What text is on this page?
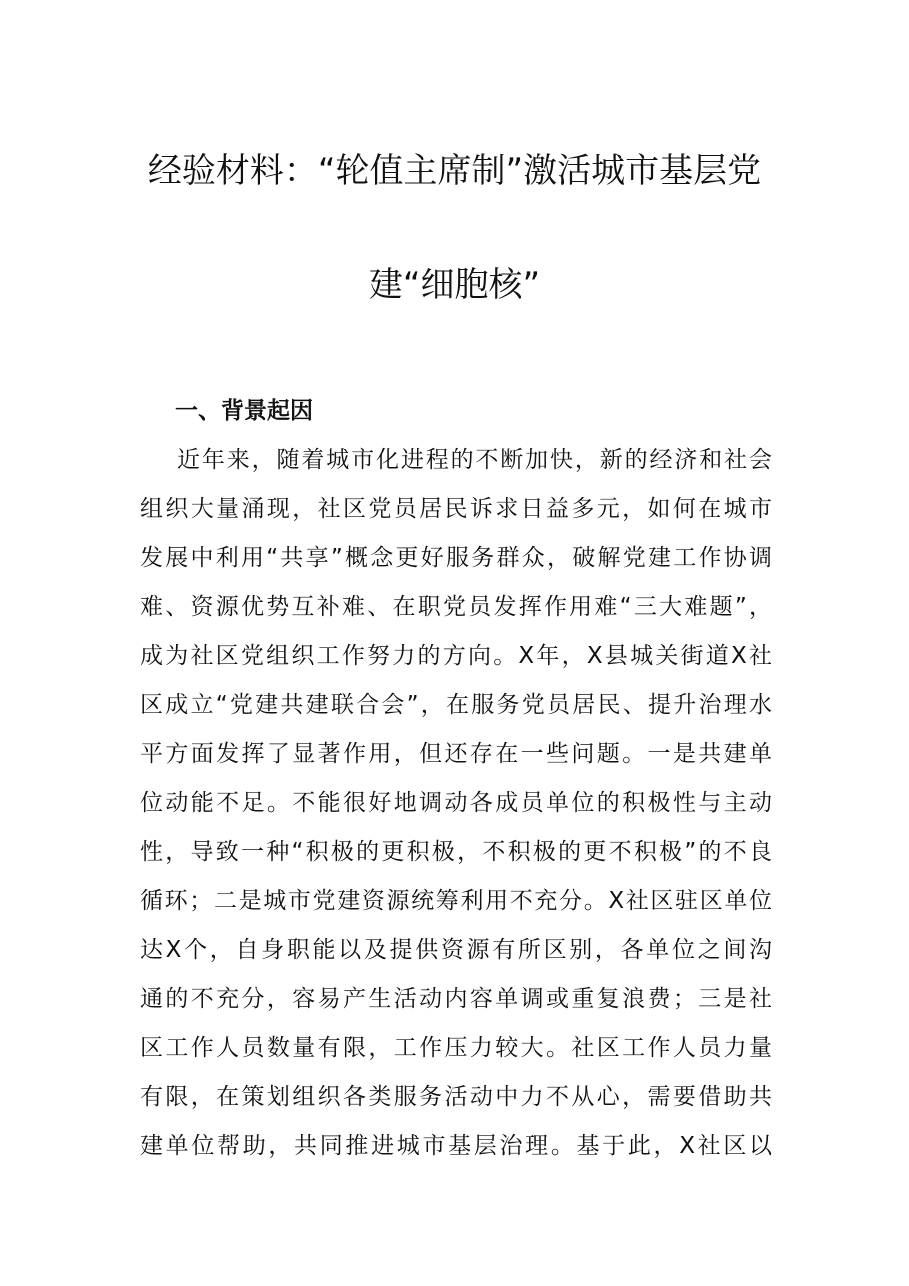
经验材料：“轮值主席制”激活城市基层党
建“细胞核”
一、背景起因
近年来，随着城市化进程的不断加快，新的经济和社会
组织大量涌现，社区党员居民诉求日益多元，如何在城市
发展中利用“共享”概念更好服务群众，破解党建工作协调
难、资源优势互补难、在职党员发挥作用难“三大难题”，
成为社区党组织工作努力的方向。X年，X县城关街道X社
区成立“党建共建联合会”，在服务党员居民、提升治理水
平方面发挥了显著作用，但还存在一些问题。一是共建单
位动能不足。不能很好地调动各成员单位的积极性与主动
性，导致一种“积极的更积极，不积极的更不积极”的不良
循环；二是城市党建资源统筹利用不充分。X社区驻区单位
达X个，自身职能以及提供资源有所区别，各单位之间沟
通的不充分，容易产生活动内容单调或重复浪费；三是社
区工作人员数量有限，工作压力较大。社区工作人员力量
有限，在策划组织各类服务活动中力不从心，需要借助共
建单位帮助，共同推进城市基层治理。基于此，X社区以
